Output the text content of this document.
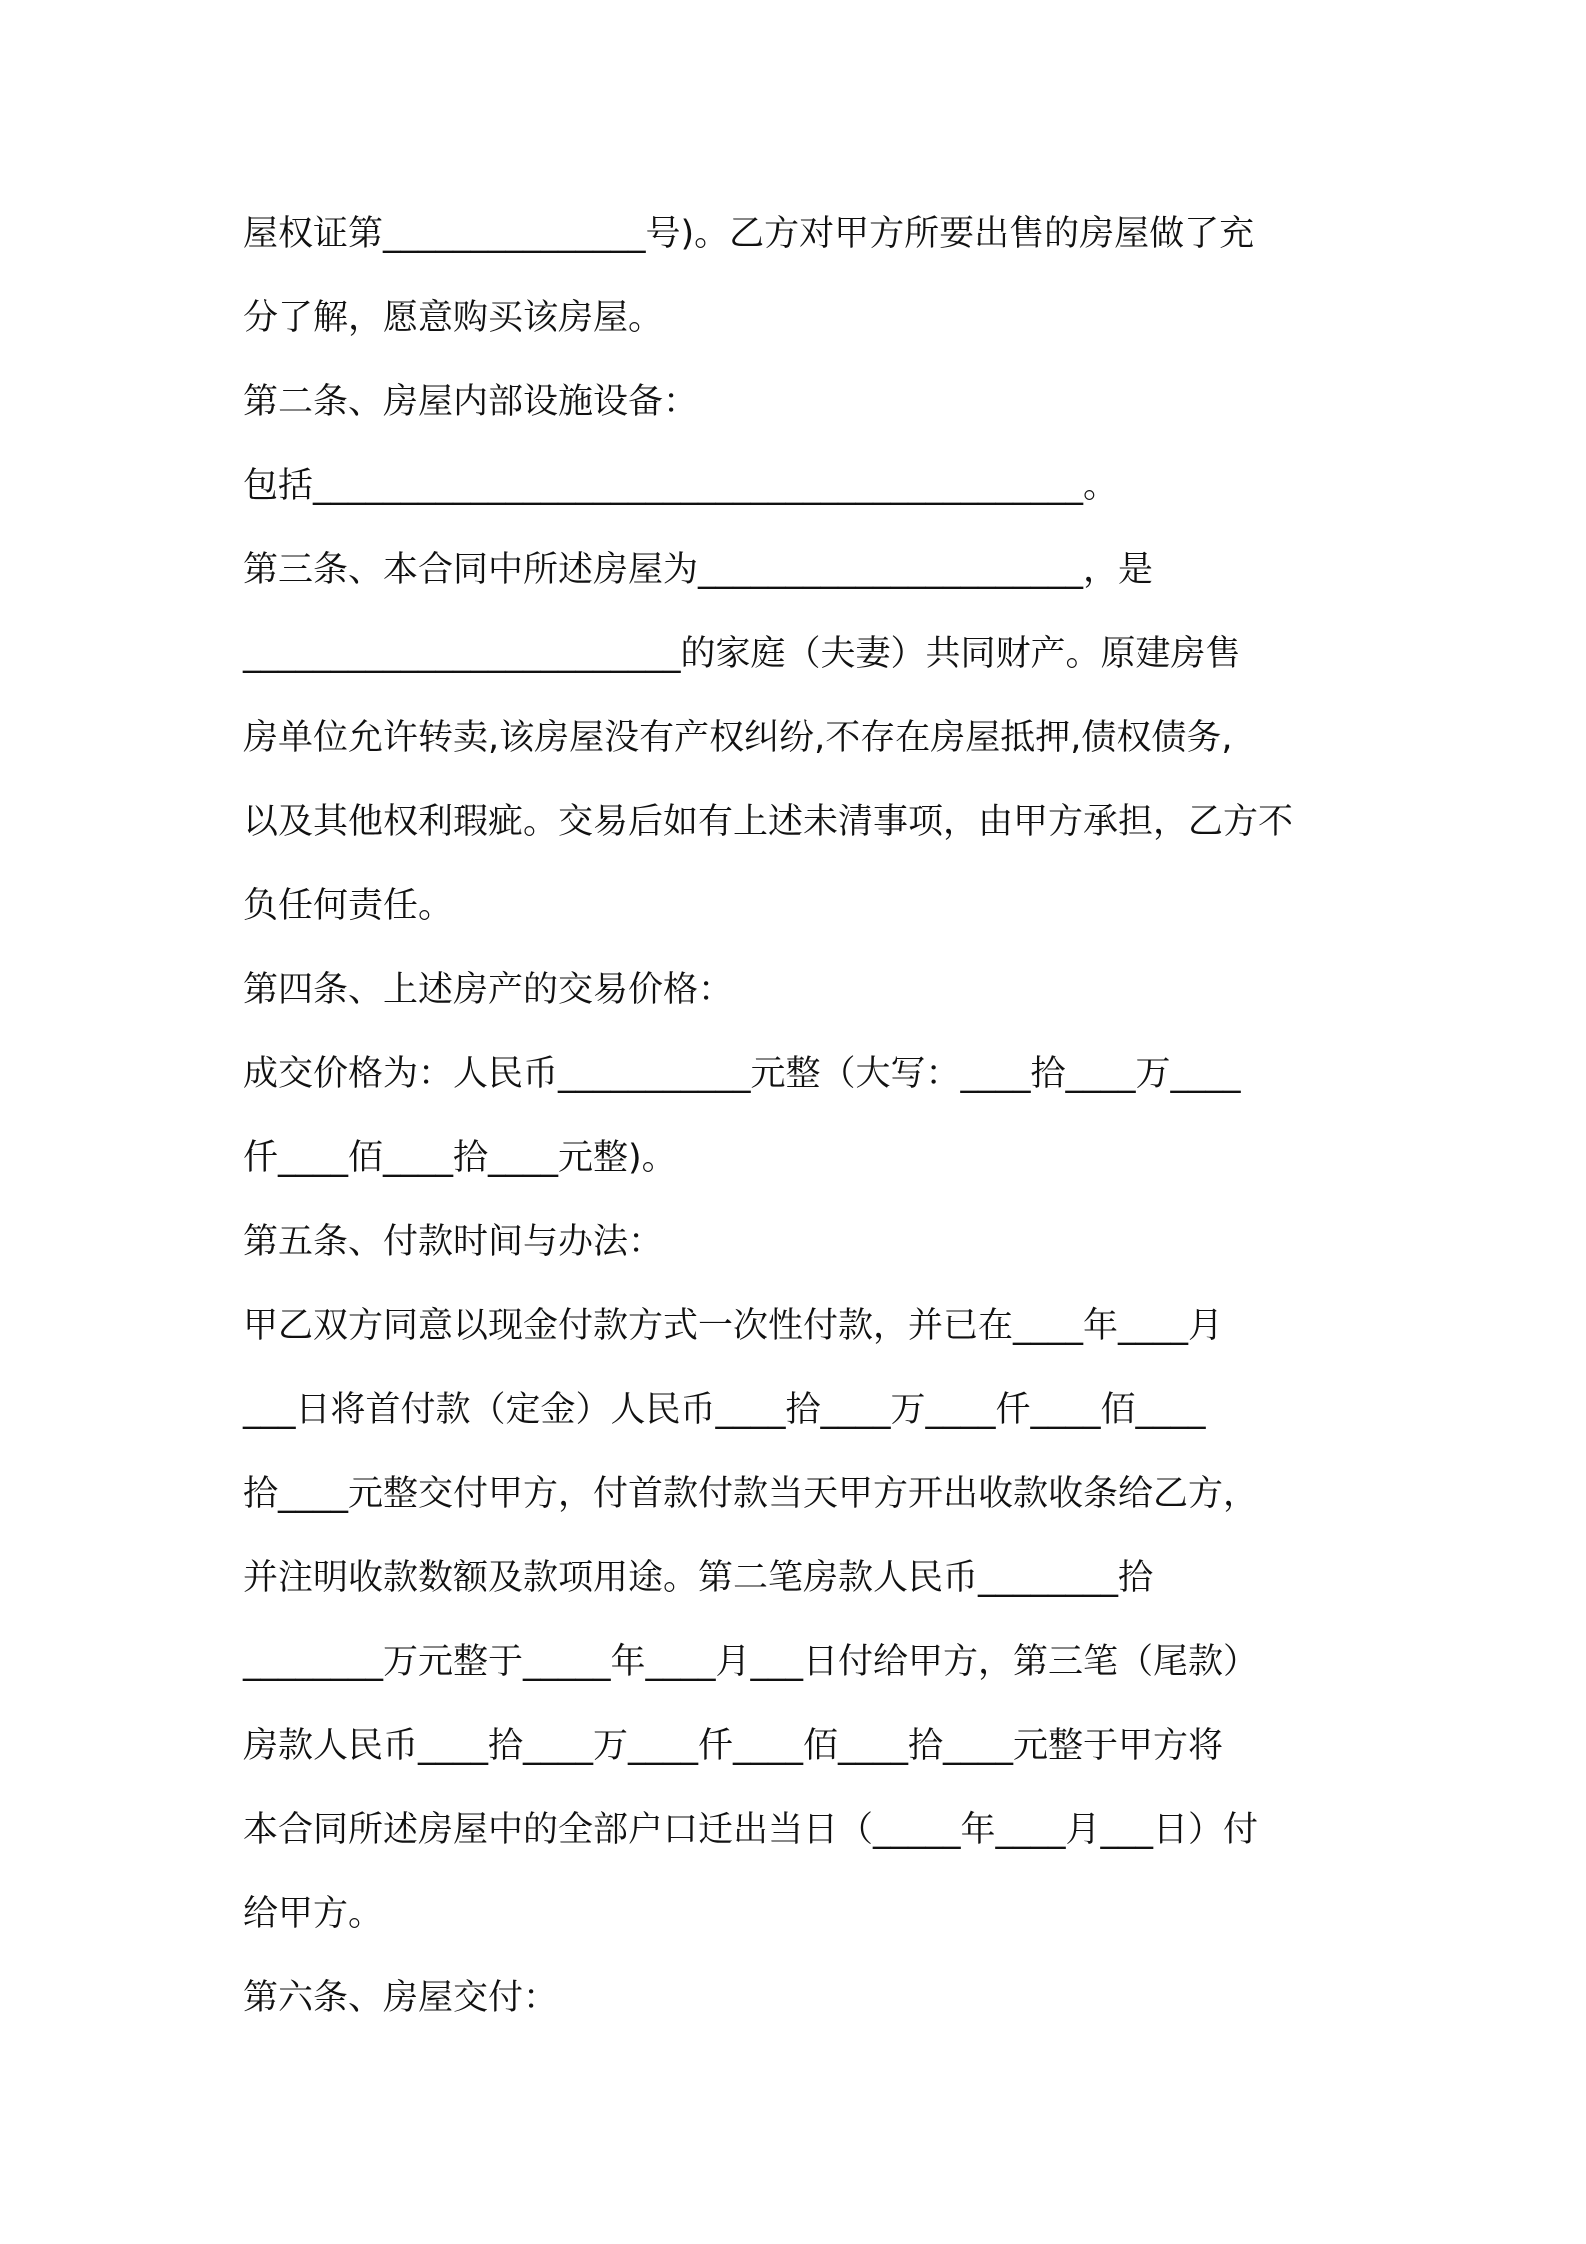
屋权证第_______________号)。乙方对甲方所要出售的房屋做了充

分了解，愿意购买该房屋。

第二条、房屋内部设施设备：

包括____________________________________________。

第三条、本合同中所述房屋为______________________，是

_________________________的家庭（夫妻）共同财产。原建房售

房单位允许转卖,该房屋没有产权纠纷,不存在房屋抵押,债权债务,

以及其他权利瑕疵。交易后如有上述未清事项，由甲方承担，乙方不

负任何责任。

第四条、上述房产的交易价格：

成交价格为：人民币___________元整（大写：____拾____万____

仟____佰____拾____元整)。

第五条、付款时间与办法：

甲乙双方同意以现金付款方式一次性付款，并已在____年____月

___日将首付款（定金）人民币____拾____万____仟____佰____

拾____元整交付甲方，付首款付款当天甲方开出收款收条给乙方，

并注明收款数额及款项用途。第二笔房款人民币________拾

________万元整于_____年____月___日付给甲方，第三笔（尾款）

房款人民币____拾____万____仟____佰____拾____元整于甲方将

本合同所述房屋中的全部户口迁出当日（_____年____月___日）付

给甲方。

第六条、房屋交付：
